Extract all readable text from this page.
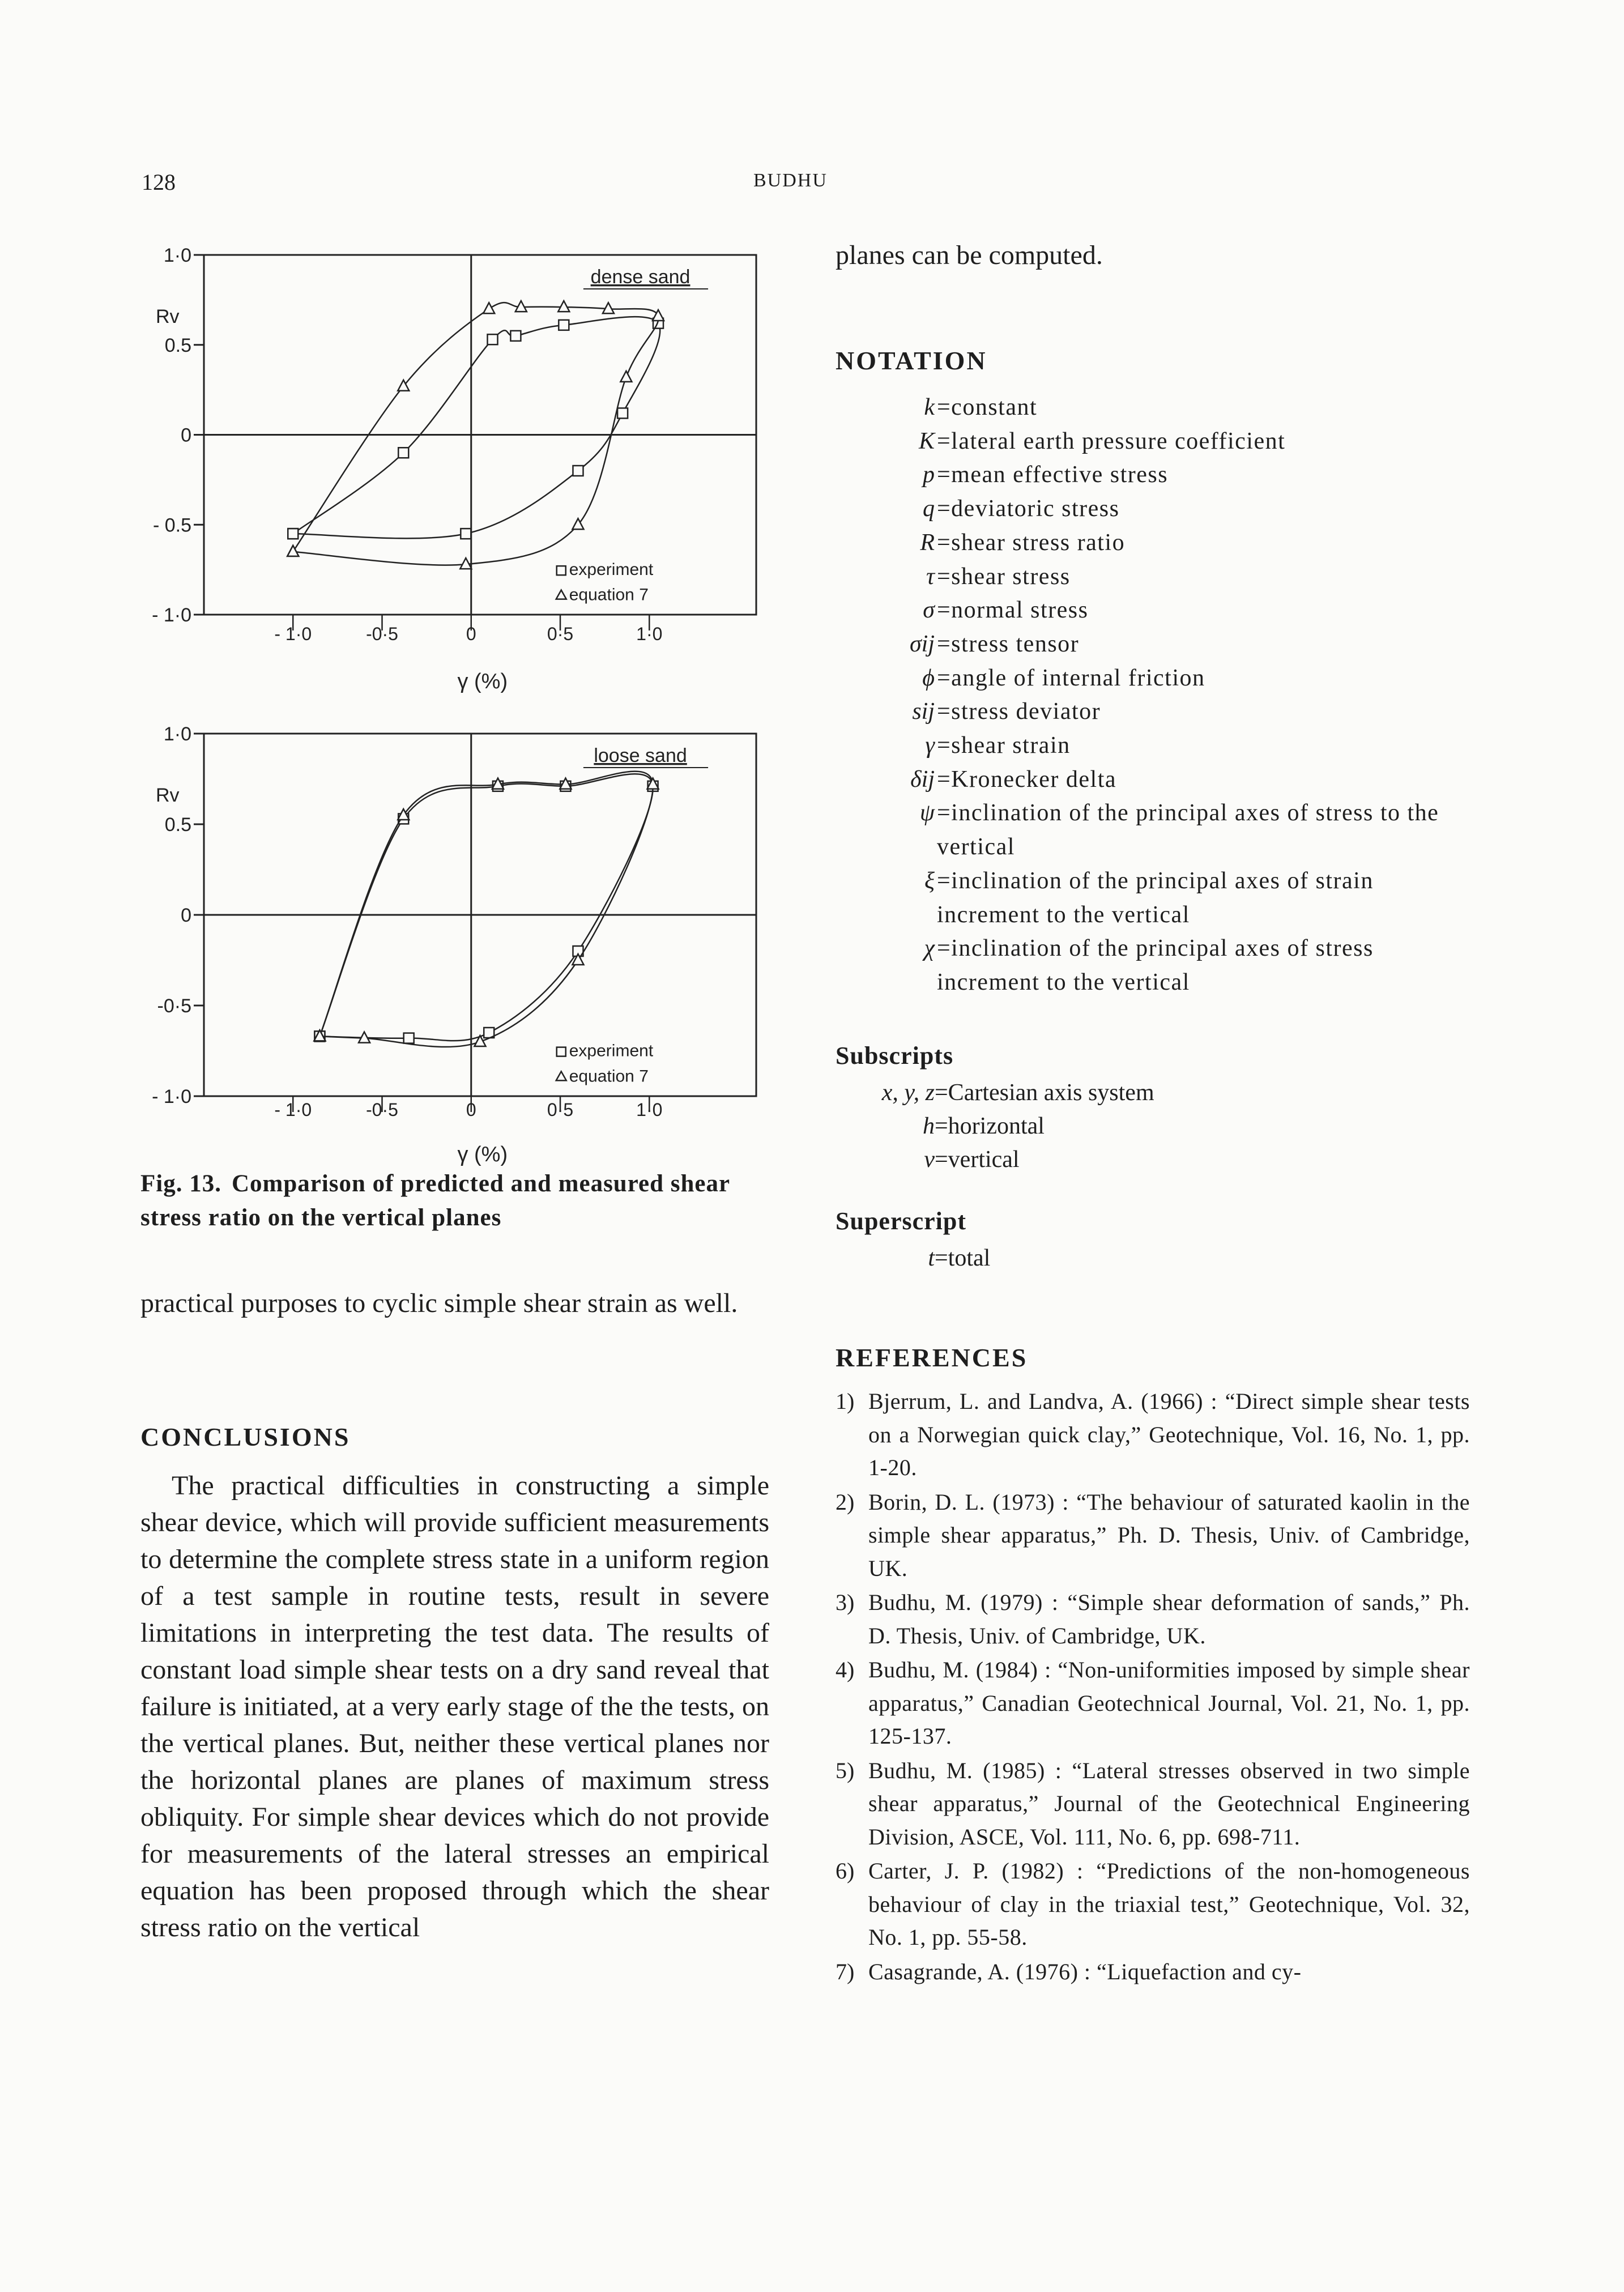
128	BUDHU
1·0
0.5
0
- 0.5
- 1·0
- 1·0	-0·5	0	0·5	1·0
Rv
γ (%)
dense sand
experiment
equation 7
1·0
0.5
0
-0·5
- 1·0
- 1·0	-0·5	0	0·5	1·0
Rv
γ (%)
loose sand
experiment
equation 7
Fig. 13. Comparison of predicted and measured shear stress ratio on the vertical planes
practical purposes to cyclic simple shear strain as well.
CONCLUSIONS
The practical difficulties in constructing a simple shear device, which will provide sufficient measurements to determine the complete stress state in a uniform region of a test sample in routine tests, result in severe limitations in interpreting the test data. The results of constant load simple shear tests on a dry sand reveal that failure is initiated, at a very early stage of the the tests, on the vertical planes. But, neither these vertical planes nor the horizontal planes are planes of maximum stress obliquity. For simple shear devices which do not provide for measurements of the lateral stresses an empirical equation has been proposed through which the shear stress ratio on the vertical
planes can be computed.
NOTATION
k =constant
K =lateral earth pressure coefficient
p =mean effective stress
q =deviatoric stress
R =shear stress ratio
τ =shear stress
σ =normal stress
σij =stress tensor
ϕ =angle of internal friction
sij =stress deviator
γ =shear strain
δij =Kronecker delta
ψ =inclination of the principal axes of stress to the vertical
ξ =inclination of the principal axes of strain increment to the vertical
χ =inclination of the principal axes of stress increment to the vertical
Subscripts
x, y, z =Cartesian axis system
h =horizontal
v =vertical
Superscript
t =total
REFERENCES
1) Bjerrum, L. and Landva, A. (1966) : “Direct simple shear tests on a Norwegian quick clay,” Geotechnique, Vol. 16, No. 1, pp. 1-20.
2) Borin, D. L. (1973) : “The behaviour of saturated kaolin in the simple shear apparatus,” Ph. D. Thesis, Univ. of Cambridge, UK.
3) Budhu, M. (1979) : “Simple shear deformation of sands,” Ph. D. Thesis, Univ. of Cambridge, UK.
4) Budhu, M. (1984) : “Non-uniformities imposed by simple shear apparatus,” Canadian Geotechnical Journal, Vol. 21, No. 1, pp. 125-137.
5) Budhu, M. (1985) : “Lateral stresses observed in two simple shear apparatus,” Journal of the Geotechnical Engineering Division, ASCE, Vol. 111, No. 6, pp. 698-711.
6) Carter, J. P. (1982) : “Predictions of the non-homogeneous behaviour of clay in the triaxial test,” Geotechnique, Vol. 32, No. 1, pp. 55-58.
7) Casagrande, A. (1976) : “Liquefaction and cy-
